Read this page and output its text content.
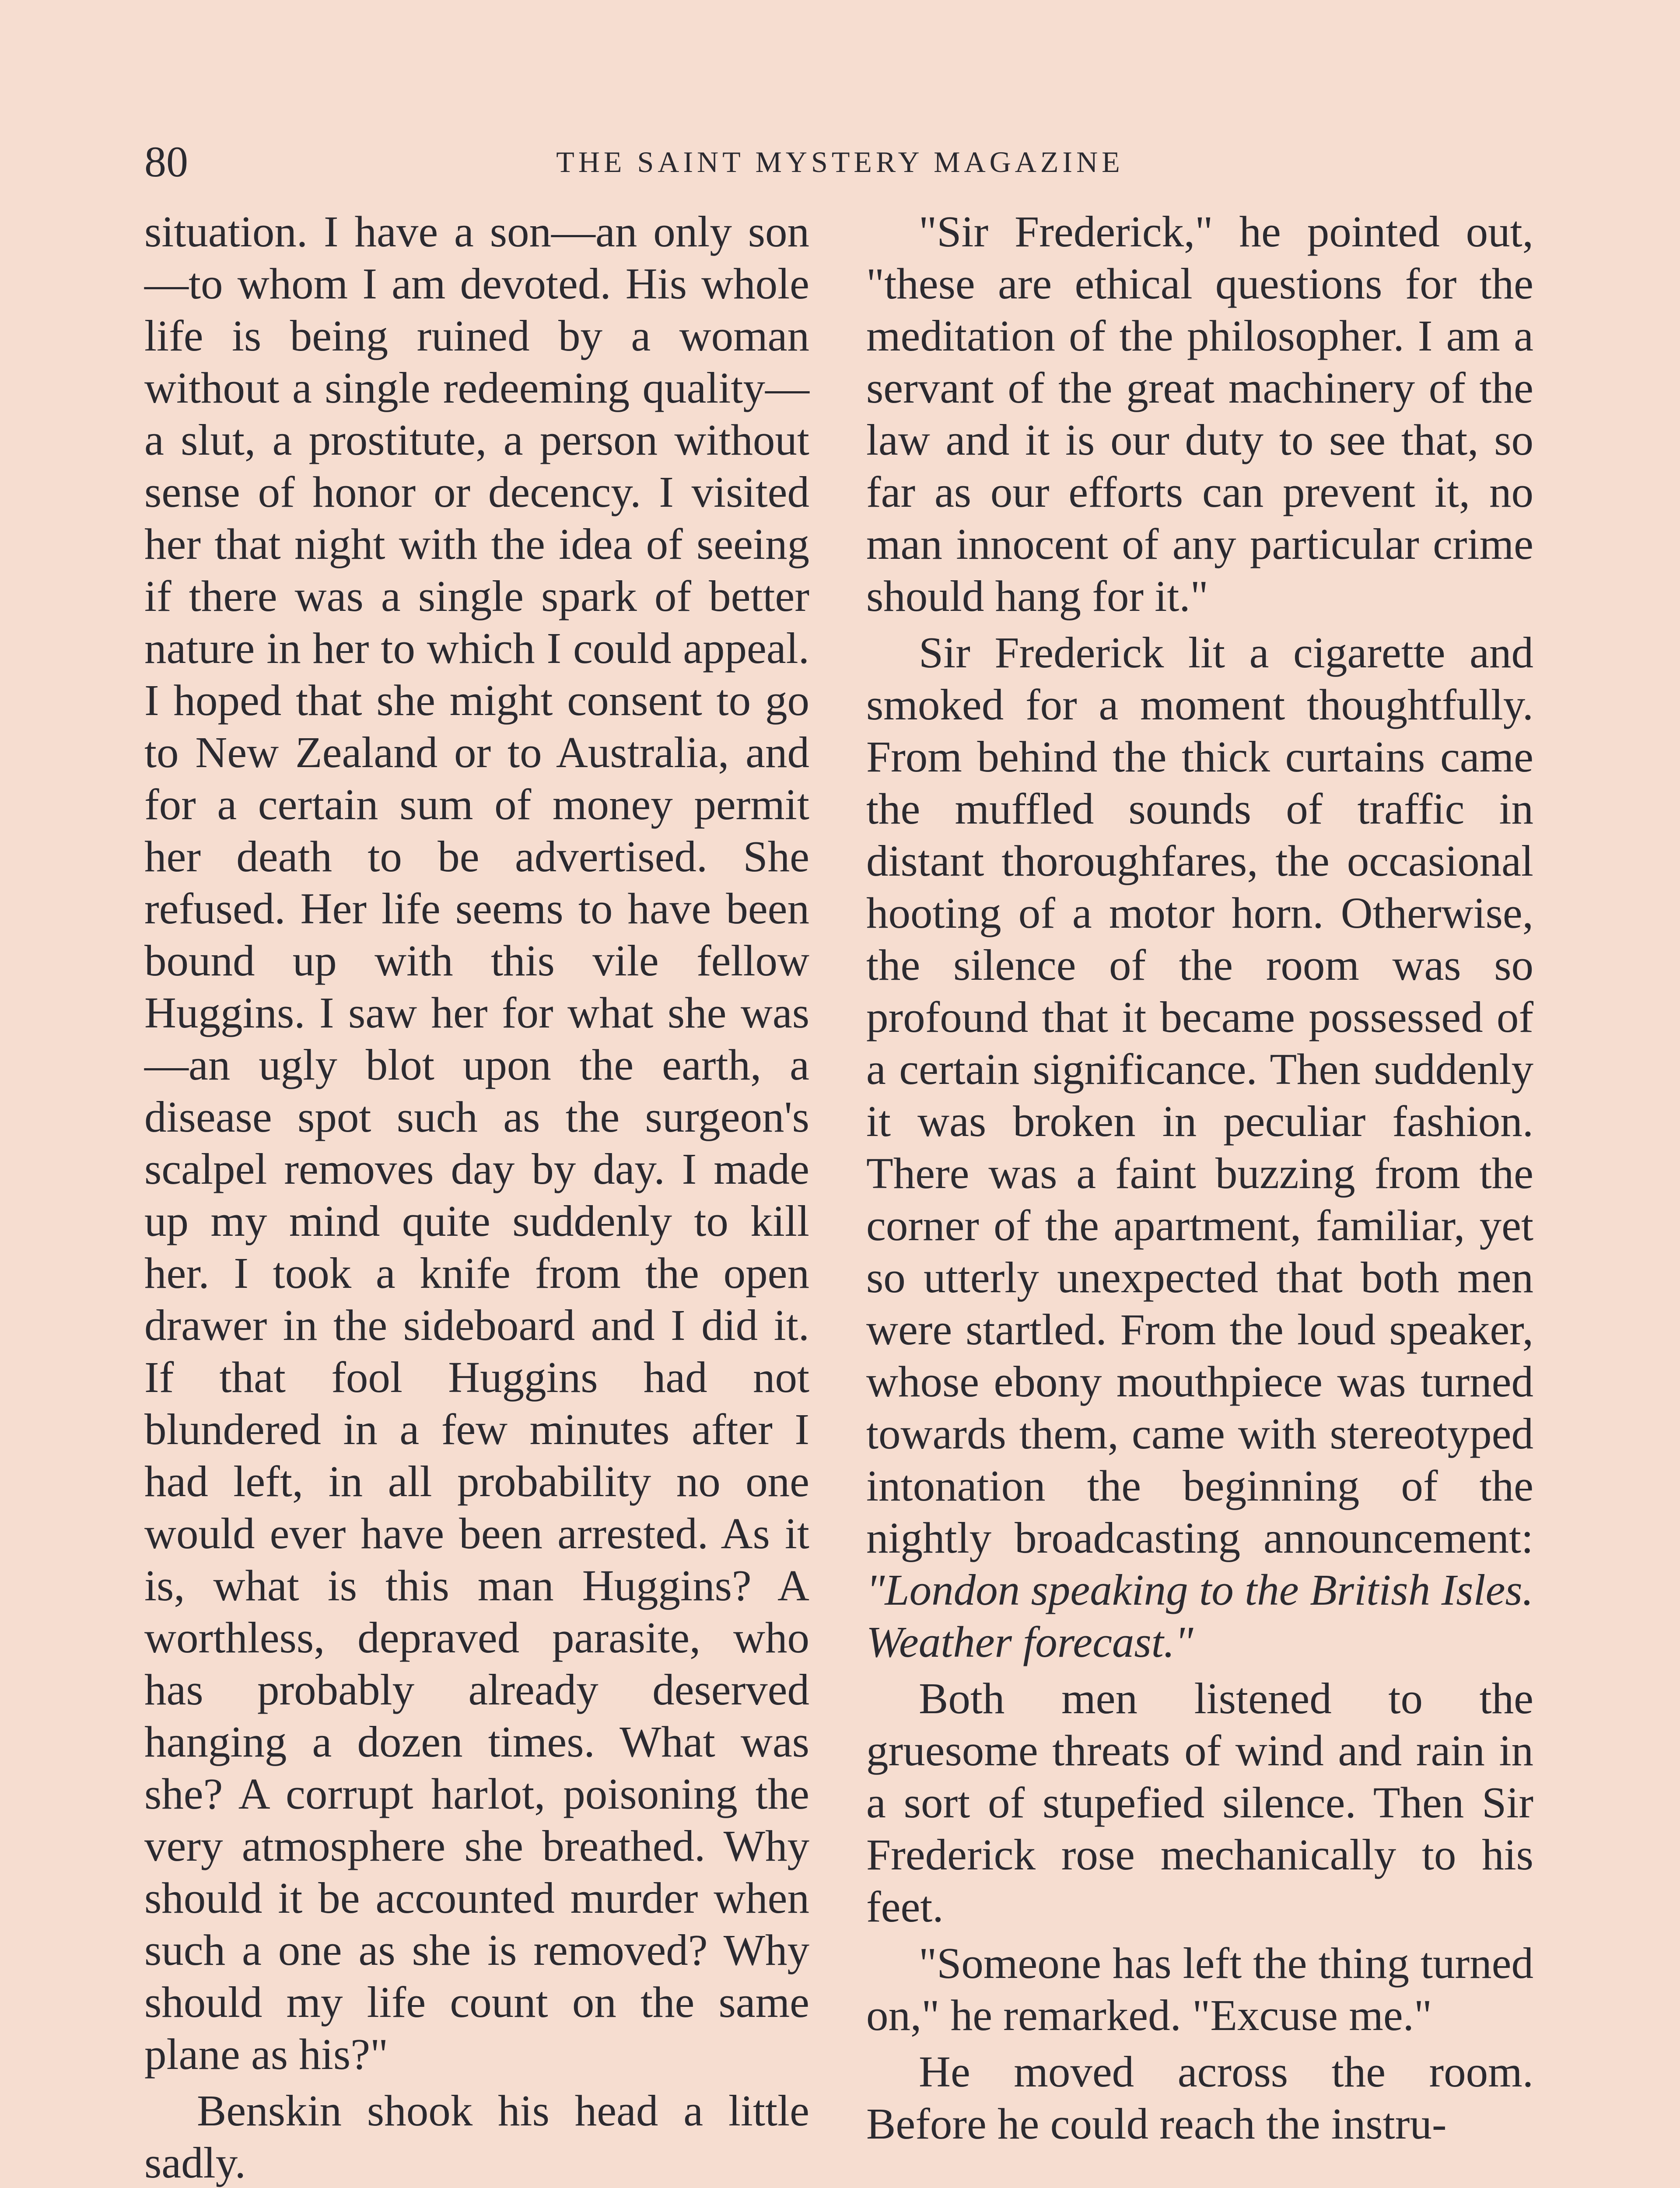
80	THE SAINT MYSTERY MAGAZINE

situation. I have a son—an only son—to whom I am devoted. His whole life is being ruined by a woman without a single redeeming quality—a slut, a prostitute, a person without sense of honor or decency. I visited her that night with the idea of seeing if there was a single spark of better nature in her to which I could appeal. I hoped that she might consent to go to New Zealand or to Australia, and for a certain sum of money permit her death to be advertised. She refused. Her life seems to have been bound up with this vile fellow Huggins. I saw her for what she was—an ugly blot upon the earth, a disease spot such as the surgeon's scalpel removes day by day. I made up my mind quite suddenly to kill her. I took a knife from the open drawer in the sideboard and I did it. If that fool Huggins had not blundered in a few minutes after I had left, in all probability no one would ever have been arrested. As it is, what is this man Huggins? A worthless, depraved parasite, who has probably already deserved hanging a dozen times. What was she? A corrupt harlot, poisoning the very atmosphere she breathed. Why should it be accounted murder when such a one as she is removed? Why should my life count on the same plane as his?"

Benskin shook his head a little sadly.

"Sir Frederick," he pointed out, "these are ethical questions for the meditation of the philosopher. I am a servant of the great machinery of the law and it is our duty to see that, so far as our efforts can prevent it, no man innocent of any particular crime should hang for it."

Sir Frederick lit a cigarette and smoked for a moment thoughtfully. From behind the thick curtains came the muffled sounds of traffic in distant thoroughfares, the occasional hooting of a motor horn. Otherwise, the silence of the room was so profound that it became possessed of a certain significance. Then suddenly it was broken in peculiar fashion. There was a faint buzzing from the corner of the apartment, familiar, yet so utterly unexpected that both men were startled. From the loud speaker, whose ebony mouthpiece was turned towards them, came with stereotyped intonation the beginning of the nightly broadcasting announcement: "London speaking to the British Isles. Weather forecast."

Both men listened to the gruesome threats of wind and rain in a sort of stupefied silence. Then Sir Frederick rose mechanically to his feet.

"Someone has left the thing turned on," he remarked. "Excuse me."

He moved across the room. Before he could reach the instru-
